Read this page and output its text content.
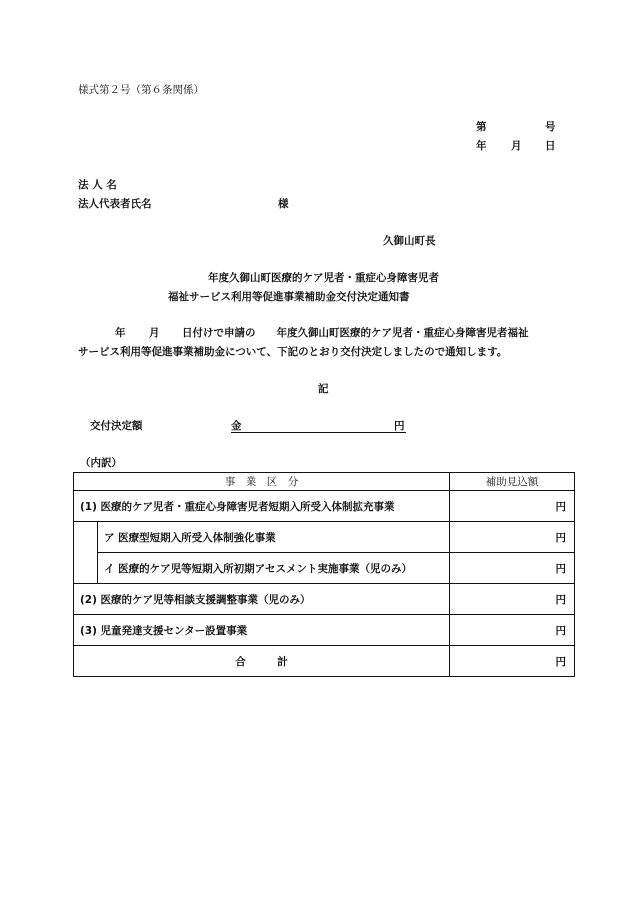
様式第２号（第６条関係）
第	号
年 月 日
法 人 名
法人代表者氏名	様
久御山町長
年度久御山町医療的ケア児者・重症心身障害児者
福祉サービス利用等促進事業補助金交付決定通知書
年 月 日付けで申請の　　年度久御山町医療的ケア児者・重症心身障害児者福祉
サービス利用等促進事業補助金について、下記のとおり交付決定しましたので通知します。
記
交付決定額	金	円
（内訳）
事　業　区　分		補助見込額
(1) 医療的ケア児者・重症心身障害児者短期入所受入体制拡充事業		円
	ア 医療型短期入所受入体制強化事業	円
	イ 医療的ケア児等短期入所初期アセスメント実施事業（児のみ）	円
(2) 医療的ケア児等相談支援調整事業（児のみ）		円
(3) 児童発達支援センター設置事業		円
合　　　計		円
